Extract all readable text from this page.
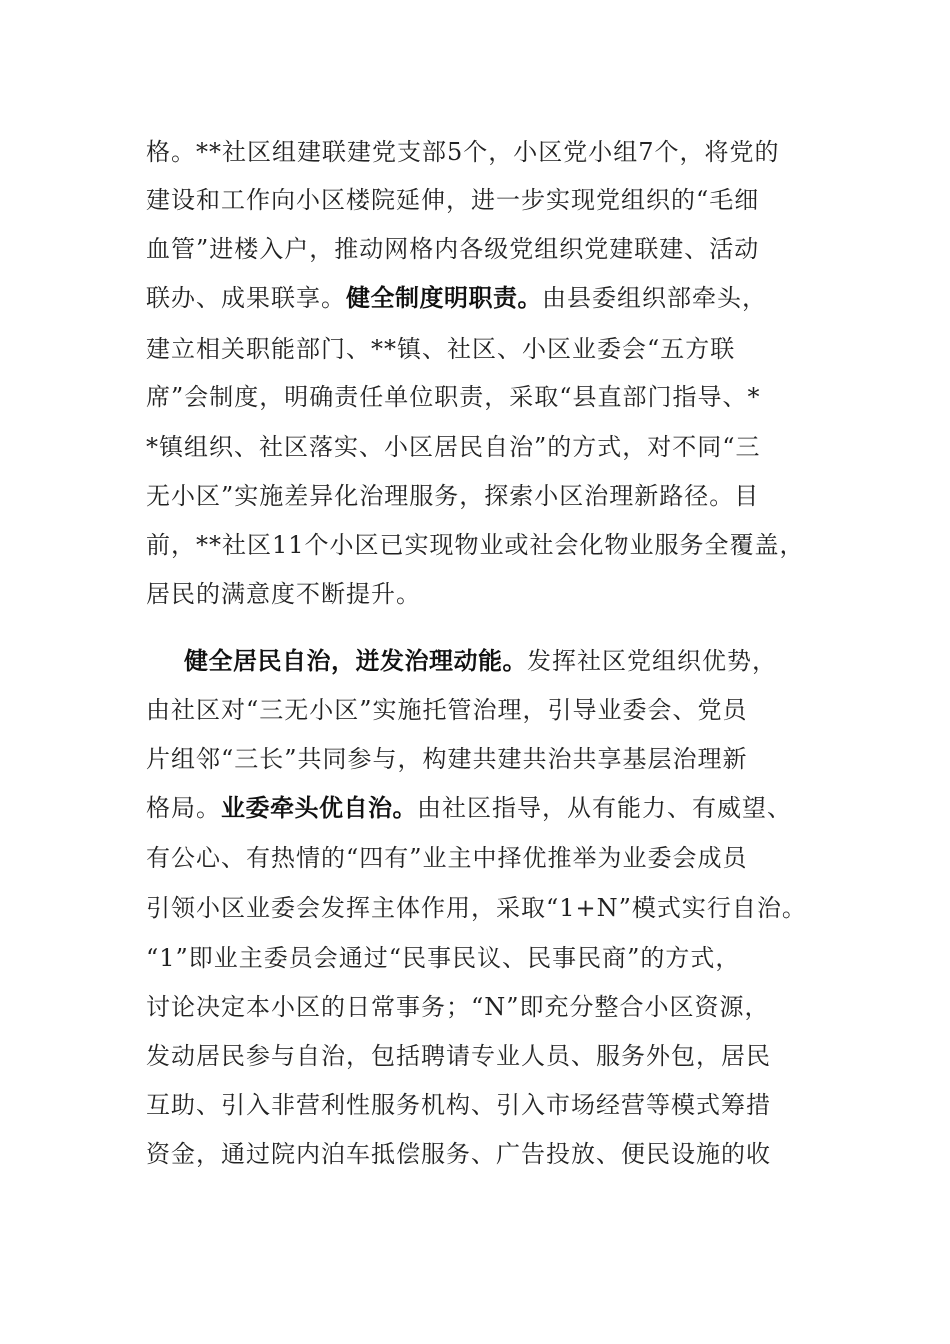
格。**社区组建联建党支部5个，小区党小组7个，将党的
建设和工作向小区楼院延伸，进一步实现党组织的“毛细
血管”进楼入户，推动网格内各级党组织党建联建、活动
联办、成果联享。健全制度明职责。由县委组织部牵头，
建立相关职能部门、**镇、社区、小区业委会“五方联
席”会制度，明确责任单位职责，采取“县直部门指导、*
*镇组织、社区落实、小区居民自治”的方式，对不同“三
无小区”实施差异化治理服务，探索小区治理新路径。目
前，**社区11个小区已实现物业或社会化物业服务全覆盖，
居民的满意度不断提升。
健全居民自治，迸发治理动能。发挥社区党组织优势，
由社区对“三无小区”实施托管治理，引导业委会、党员
片组邻“三长”共同参与，构建共建共治共享基层治理新
格局。业委牵头优自治。由社区指导，从有能力、有威望、
有公心、有热情的“四有”业主中择优推举为业委会成员
引领小区业委会发挥主体作用，采取“1+N”模式实行自治。
“1”即业主委员会通过“民事民议、民事民商”的方式，
讨论决定本小区的日常事务；“N”即充分整合小区资源，
发动居民参与自治，包括聘请专业人员、服务外包，居民
互助、引入非营利性服务机构、引入市场经营等模式筹措
资金，通过院内泊车抵偿服务、广告投放、便民设施的收
